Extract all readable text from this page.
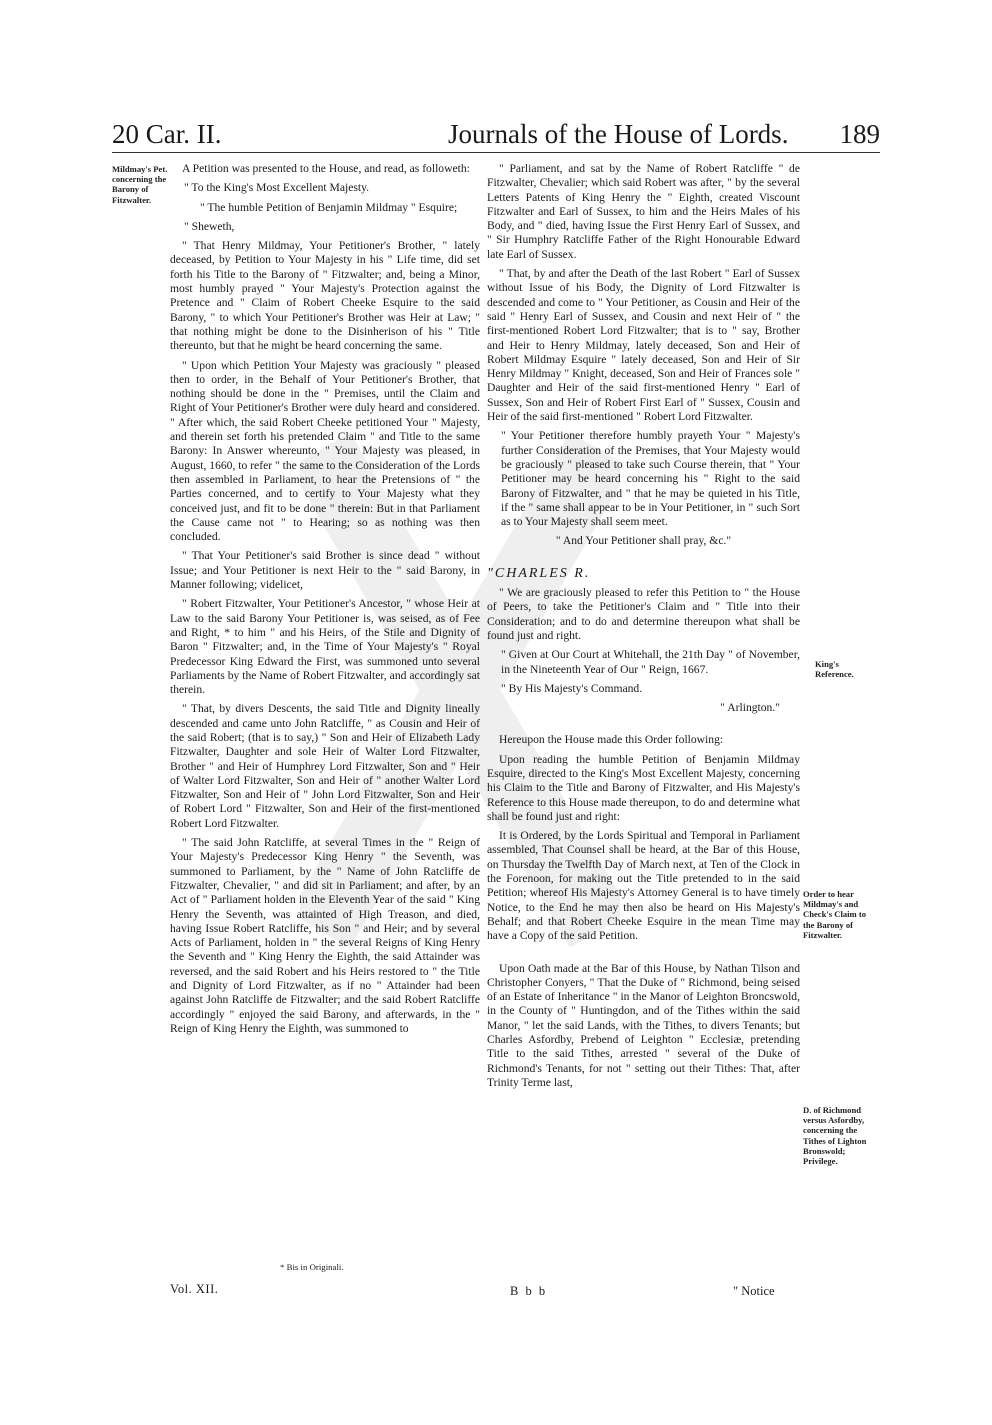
20 Car. II.	Journals of the House of Lords. 189
Mildmay's Pet. concerning the Barony of Fitzwalter.
King's Reference.
Order to hear Mildmay's and Check's Claim to the Barony of Fitzwalter.
D. of Richmond versus Asfordby, concerning the Tithes of Lighton Bronswold; Privilege.

A Petition was presented to the House, and read, as followeth:

" To the King's Most Excellent Majesty.

" The humble Petition of Benjamin Mildmay " Esquire;

" Sheweth,

" That Henry Mildmay, Your Petitioner's Brother, " lately deceased, by Petition to Your Majesty in his " Life time, did set forth his Title to the Barony of " Fitzwalter; and, being a Minor, most humbly prayed " Your Majesty's Protection against the Pretence and " Claim of Robert Cheeke Esquire to the said Barony, " to which Your Petitioner's Brother was Heir at Law; " that nothing might be done to the Disinherison of his " Title thereunto, but that he might be heard concerning the same.

" Upon which Petition Your Majesty was graciously " pleased then to order, in the Behalf of Your Petitioner's Brother, that nothing should be done in the " Premises, until the Claim and Right of Your Petitioner's Brother were duly heard and considered. " After which, the said Robert Cheeke petitioned Your " Majesty, and therein set forth his pretended Claim " and Title to the same Barony: In Answer whereunto, " Your Majesty was pleased, in August, 1660, to refer " the same to the Consideration of the Lords then assembled in Parliament, to hear the Pretensions of " the Parties concerned, and to certify to Your Majesty what they conceived just, and fit to be done " therein: But in that Parliament the Cause came not " to Hearing; so as nothing was then concluded.

" That Your Petitioner's said Brother is since dead " without Issue; and Your Petitioner is next Heir to the " said Barony, in Manner following; videlicet,

" Robert Fitzwalter, Your Petitioner's Ancestor, " whose Heir at Law to the said Barony Your Petitioner is, was seised, as of Fee and Right, * to him " and his Heirs, of the Stile and Dignity of Baron " Fitzwalter; and, in the Time of Your Majesty's " Royal Predecessor King Edward the First, was summoned unto several Parliaments by the Name of Robert Fitzwalter, and accordingly sat therein.

" That, by divers Descents, the said Title and Dignity lineally descended and came unto John Ratcliffe, " as Cousin and Heir of the said Robert; (that is to say,) " Son and Heir of Elizabeth Lady Fitzwalter, Daughter and sole Heir of Walter Lord Fitzwalter, Brother " and Heir of Humphrey Lord Fitzwalter, Son and " Heir of Walter Lord Fitzwalter, Son and Heir of " another Walter Lord Fitzwalter, Son and Heir of " John Lord Fitzwalter, Son and Heir of Robert Lord " Fitzwalter, Son and Heir of the first-mentioned Robert Lord Fitzwalter.

" The said John Ratcliffe, at several Times in the " Reign of Your Majesty's Predecessor King Henry " the Seventh, was summoned to Parliament, by the " Name of John Ratcliffe de Fitzwalter, Chevalier, " and did sit in Parliament; and after, by an Act of " Parliament holden in the Eleventh Year of the said " King Henry the Seventh, was attainted of High Treason, and died, having Issue Robert Ratcliffe, his Son " and Heir; and by several Acts of Parliament, holden in " the several Reigns of King Henry the Seventh and " King Henry the Eighth, the said Attainder was reversed, and the said Robert and his Heirs restored to " the Title and Dignity of Lord Fitzwalter, as if no " Attainder had been against John Ratcliffe de Fitzwalter; and the said Robert Ratcliffe accordingly " enjoyed the said Barony, and afterwards, in the " Reign of King Henry the Eighth, was summoned to

" Parliament, and sat by the Name of Robert Ratcliffe " de Fitzwalter, Chevalier; which said Robert was after, " by the several Letters Patents of King Henry the " Eighth, created Viscount Fitzwalter and Earl of Sussex, to him and the Heirs Males of his Body, and " died, having Issue the First Henry Earl of Sussex, and " Sir Humphry Ratcliffe Father of the Right Honourable Edward late Earl of Sussex.

" That, by and after the Death of the last Robert " Earl of Sussex without Issue of his Body, the Dignity of Lord Fitzwalter is descended and come to " Your Petitioner, as Cousin and Heir of the said " Henry Earl of Sussex, and Cousin and next Heir of " the first-mentioned Robert Lord Fitzwalter; that is to " say, Brother and Heir to Henry Mildmay, lately deceased, Son and Heir of Robert Mildmay Esquire " lately deceased, Son and Heir of Sir Henry Mildmay " Knight, deceased, Son and Heir of Frances sole " Daughter and Heir of the said first-mentioned Henry " Earl of Sussex, Son and Heir of Robert First Earl of " Sussex, Cousin and Heir of the said first-mentioned " Robert Lord Fitzwalter.

" Your Petitioner therefore humbly prayeth Your " Majesty's further Consideration of the Premises, that Your Majesty would be graciously " pleased to take such Course therein, that " Your Petitioner may be heard concerning his " Right to the said Barony of Fitzwalter, and " that he may be quieted in his Title, if the " same shall appear to be in Your Petitioner, in " such Sort as to Your Majesty shall seem meet.

" And Your Petitioner shall pray, &c."

"CHARLES R.

" We are graciously pleased to refer this Petition to " the House of Peers, to take the Petitioner's Claim and " Title into their Consideration; and to do and determine thereupon what shall be found just and right.

" Given at Our Court at Whitehall, the 21th Day " of November, in the Nineteenth Year of Our " Reign, 1667.

" By His Majesty's Command.

" Arlington."

Hereupon the House made this Order following:

Upon reading the humble Petition of Benjamin Mildmay Esquire, directed to the King's Most Excellent Majesty, concerning his Claim to the Title and Barony of Fitzwalter, and His Majesty's Reference to this House made thereupon, to do and determine what shall be found just and right:

It is Ordered, by the Lords Spiritual and Temporal in Parliament assembled, That Counsel shall be heard, at the Bar of this House, on Thursday the Twelfth Day of March next, at Ten of the Clock in the Forenoon, for making out the Title pretended to in the said Petition; whereof His Majesty's Attorney General is to have timely Notice, to the End he may then also be heard on His Majesty's Behalf; and that Robert Cheeke Esquire in the mean Time may have a Copy of the said Petition.

Upon Oath made at the Bar of this House, by Nathan Tilson and Christopher Conyers, " That the Duke of " Richmond, being seised of an Estate of Inheritance " in the Manor of Leighton Broncswold, in the County of " Huntingdon, and of the Tithes within the said Manor, " let the said Lands, with the Tithes, to divers Tenants; but Charles Asfordby, Prebend of Leighton " Ecclesiæ, pretending Title to the said Tithes, arrested " several of the Duke of Richmond's Tenants, for not " setting out their Tithes: That, after Trinity Terme last,

* Bis in Originali.
Vol. XII.	B b b	" Notice
